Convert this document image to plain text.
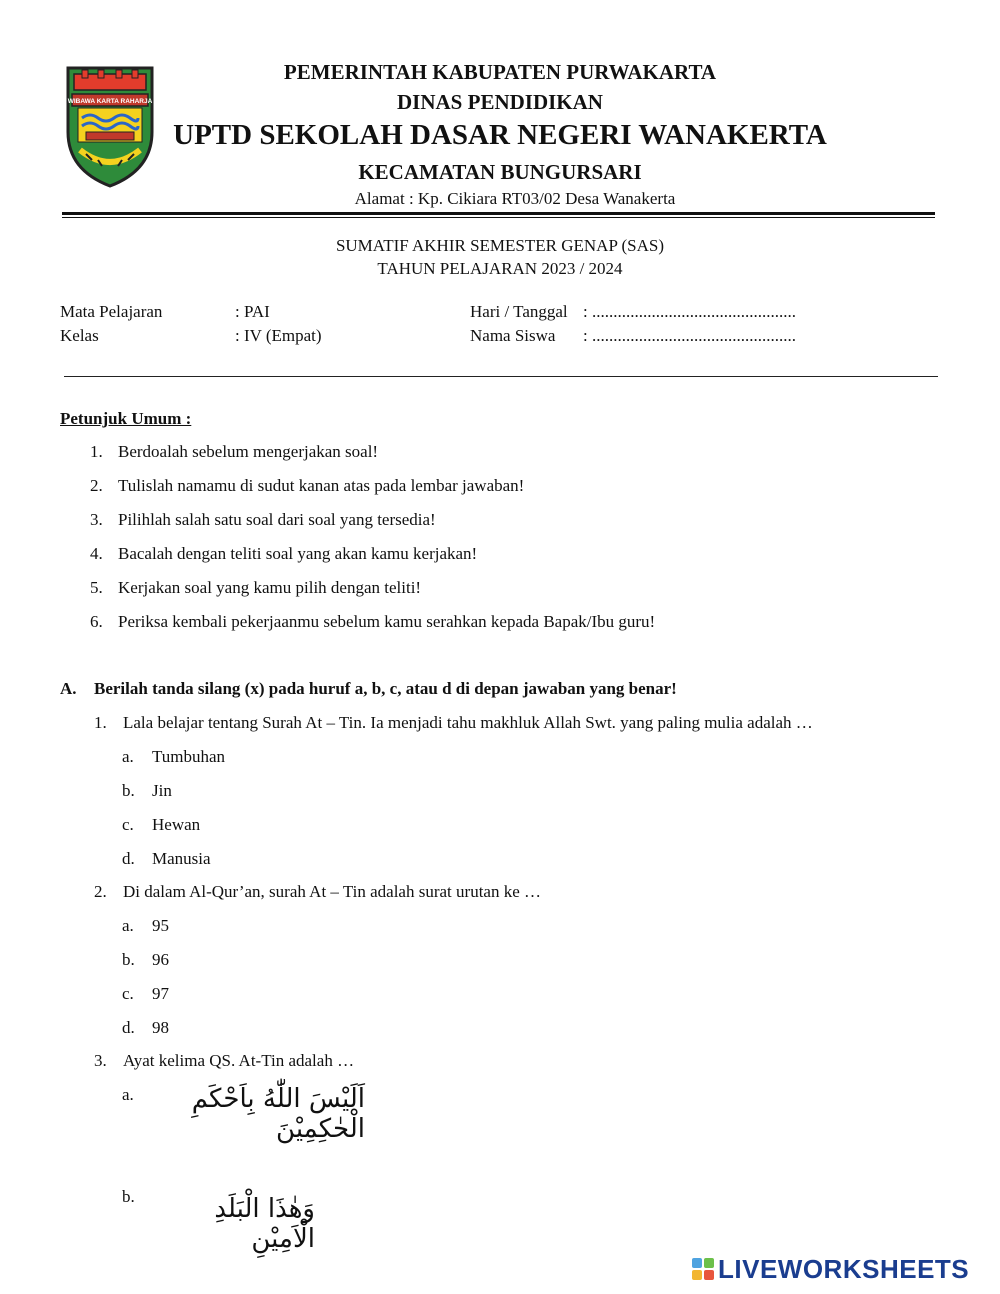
WIBAWA KARTA RAHARJA
PEMERINTAH KABUPATEN PURWAKARTA
DINAS PENDIDIKAN
UPTD SEKOLAH DASAR NEGERI WANAKERTA
KECAMATAN BUNGURSARI
Alamat : Kp. Cikiara RT03/02 Desa Wanakerta
SUMATIF AKHIR SEMESTER GENAP (SAS)
TAHUN PELAJARAN 2023 / 2024
Mata Pelajaran	: PAI
Kelas	: IV (Empat)
Hari / Tanggal : ................................................
Nama Siswa : ................................................
Petunjuk Umum :
1. Berdoalah sebelum mengerjakan soal!
2. Tulislah namamu di sudut kanan atas pada lembar jawaban!
3. Pilihlah salah satu soal dari soal yang tersedia!
4. Bacalah dengan teliti soal yang akan kamu kerjakan!
5. Kerjakan soal yang kamu pilih dengan teliti!
6. Periksa kembali pekerjaanmu sebelum kamu serahkan kepada Bapak/Ibu guru!
A. Berilah tanda silang (x) pada huruf a, b, c, atau d di depan jawaban yang benar!
1. Lala belajar tentang Surah At – Tin. Ia menjadi tahu makhluk Allah Swt. yang paling mulia adalah …
a. Tumbuhan
b. Jin
c. Hewan
d. Manusia
2. Di dalam Al-Qur’an, surah At – Tin adalah surat urutan ke …
a. 95
b. 96
c. 97
d. 98
3. Ayat kelima QS. At-Tin adalah …
a.	اَلَيْسَ اللّٰهُ بِاَحْكَمِ الْحٰكِمِيْنَ
b.	وَهٰذَا الْبَلَدِ الْاَمِيْنِ
LIVEWORKSHEETS
